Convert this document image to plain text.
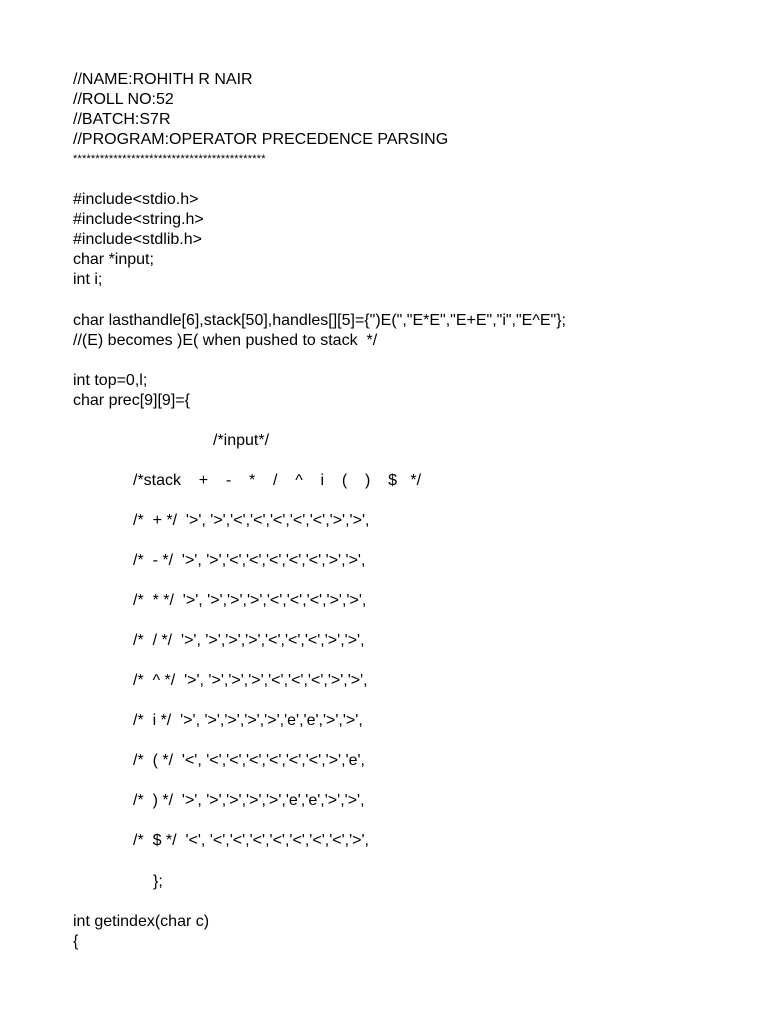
//NAME:ROHITH R NAIR
//ROLL NO:52
//BATCH:S7R
//PROGRAM:OPERATOR PRECEDENCE PARSING
*******************************************
#include<stdio.h>
#include<string.h>
#include<stdlib.h>
char *input;
int i;
char lasthandle[6],stack[50],handles[][5]={")E(","E*E","E+E","i","E^E"};
//(E) becomes )E( when pushed to stack  */
int top=0,l;
char prec[9][9]={
/*input*/
/*stack    +    -    *    /    ^    i    (    )    $   */
/*  + */  '>', '>','<','<','<','<','<','>','>',
/*  - */  '>', '>','<','<','<','<','<','>','>',
/*  * */  '>', '>','>','>','<','<','<','>','>',
/*  / */  '>', '>','>','>','<','<','<','>','>',
/*  ^ */  '>', '>','>','>','<','<','<','>','>',
/*  i */  '>', '>','>','>','>','e','e','>','>',
/*  ( */  '<', '<','<','<','<','<','<','>','e',
/*  ) */  '>', '>','>','>','>','e','e','>','>',
/*  $ */  '<', '<','<','<','<','<','<','<','>',
};
int getindex(char c)
{
